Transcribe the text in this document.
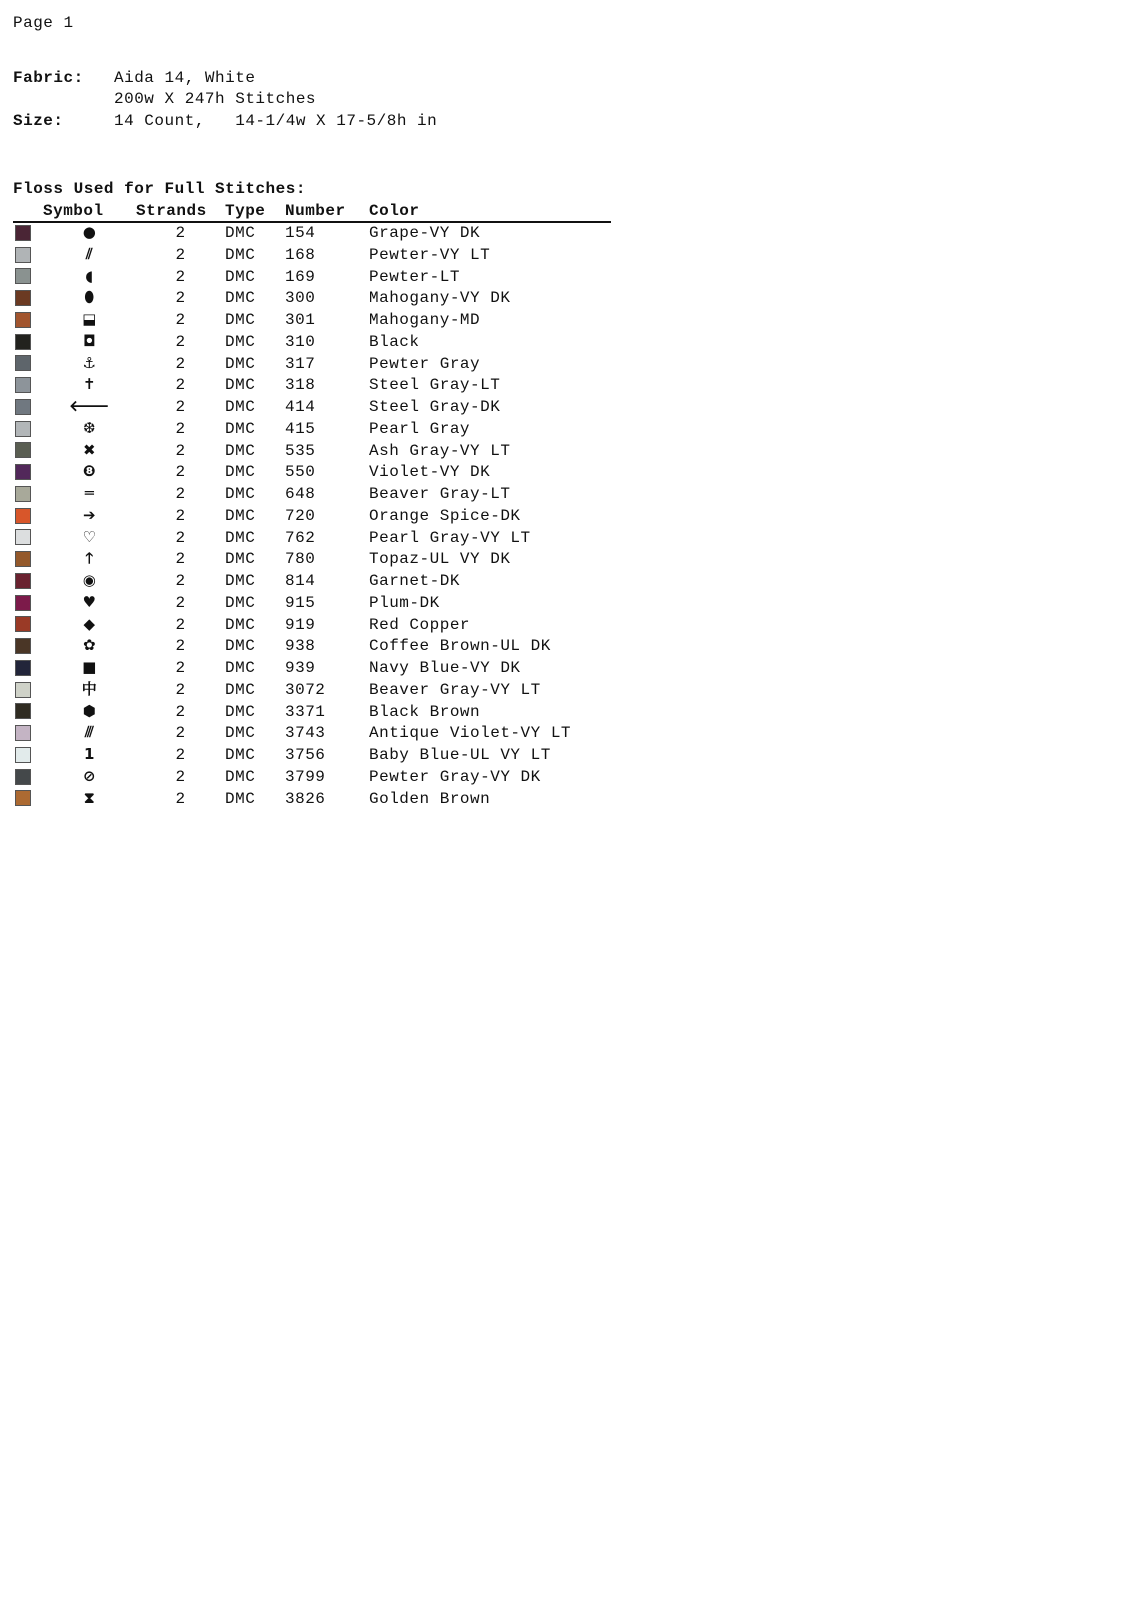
Page 1
Fabric: Aida 14, White
200w X 247h Stitches
Size:	14 Count,   14-1/4w X 17-5/8h in
Floss Used for Full Stitches:
	Symbol	Strands	Type	Number	Color
	●	2	DMC	154	Grape-VY DK
	⫽	2	DMC	168	Pewter-VY LT
	◖	2	DMC	169	Pewter-LT
	⬮	2	DMC	300	Mahogany-VY DK
	⬓	2	DMC	301	Mahogany-MD
	◘	2	DMC	310	Black
	⚓	2	DMC	317	Pewter Gray
	✝	2	DMC	318	Steel Gray-LT
	🡐	2	DMC	414	Steel Gray-DK
	❆	2	DMC	415	Pearl Gray
	✖	2	DMC	535	Ash Gray-VY LT
	❽	2	DMC	550	Violet-VY DK
	═	2	DMC	648	Beaver Gray-LT
	➔	2	DMC	720	Orange Spice-DK
	♡	2	DMC	762	Pearl Gray-VY LT
	🡑	2	DMC	780	Topaz-UL VY DK
	◉	2	DMC	814	Garnet-DK
	♥	2	DMC	915	Plum-DK
	◆	2	DMC	919	Red Copper
	✿	2	DMC	938	Coffee Brown-UL DK
	■	2	DMC	939	Navy Blue-VY DK
	中	2	DMC	3072	Beaver Gray-VY LT
	⬢	2	DMC	3371	Black Brown
	⫻	2	DMC	3743	Antique Violet-VY LT
	1	2	DMC	3756	Baby Blue-UL VY LT
	⊘	2	DMC	3799	Pewter Gray-VY DK
	⧗	2	DMC	3826	Golden Brown
